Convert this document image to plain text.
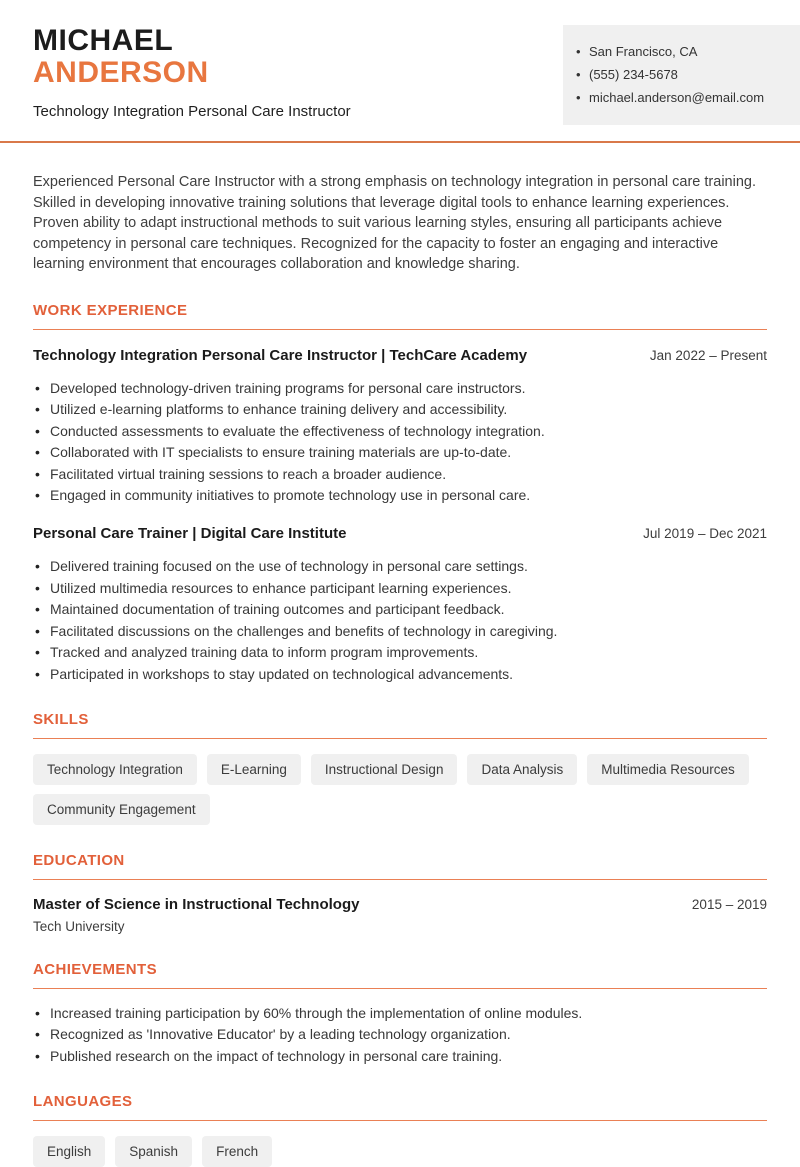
MICHAEL
ANDERSON
Technology Integration Personal Care Instructor
• San Francisco, CA
• (555) 234-5678
• michael.anderson@email.com

Experienced Personal Care Instructor with a strong emphasis on technology integration in personal care training. Skilled in developing innovative training solutions that leverage digital tools to enhance learning experiences. Proven ability to adapt instructional methods to suit various learning styles, ensuring all participants achieve competency in personal care techniques. Recognized for the capacity to foster an engaging and interactive learning environment that encourages collaboration and knowledge sharing.

WORK EXPERIENCE
Technology Integration Personal Care Instructor | TechCare Academy	Jan 2022 – Present
• Developed technology-driven training programs for personal care instructors.
• Utilized e-learning platforms to enhance training delivery and accessibility.
• Conducted assessments to evaluate the effectiveness of technology integration.
• Collaborated with IT specialists to ensure training materials are up-to-date.
• Facilitated virtual training sessions to reach a broader audience.
• Engaged in community initiatives to promote technology use in personal care.
Personal Care Trainer | Digital Care Institute	Jul 2019 – Dec 2021
• Delivered training focused on the use of technology in personal care settings.
• Utilized multimedia resources to enhance participant learning experiences.
• Maintained documentation of training outcomes and participant feedback.
• Facilitated discussions on the challenges and benefits of technology in caregiving.
• Tracked and analyzed training data to inform program improvements.
• Participated in workshops to stay updated on technological advancements.
SKILLS
Technology Integration	E-Learning	Instructional Design	Data Analysis	Multimedia Resources
Community Engagement
EDUCATION
Master of Science in Instructional Technology	2015 – 2019
Tech University
ACHIEVEMENTS
• Increased training participation by 60% through the implementation of online modules.
• Recognized as 'Innovative Educator' by a leading technology organization.
• Published research on the impact of technology in personal care training.
LANGUAGES
English	Spanish	French
